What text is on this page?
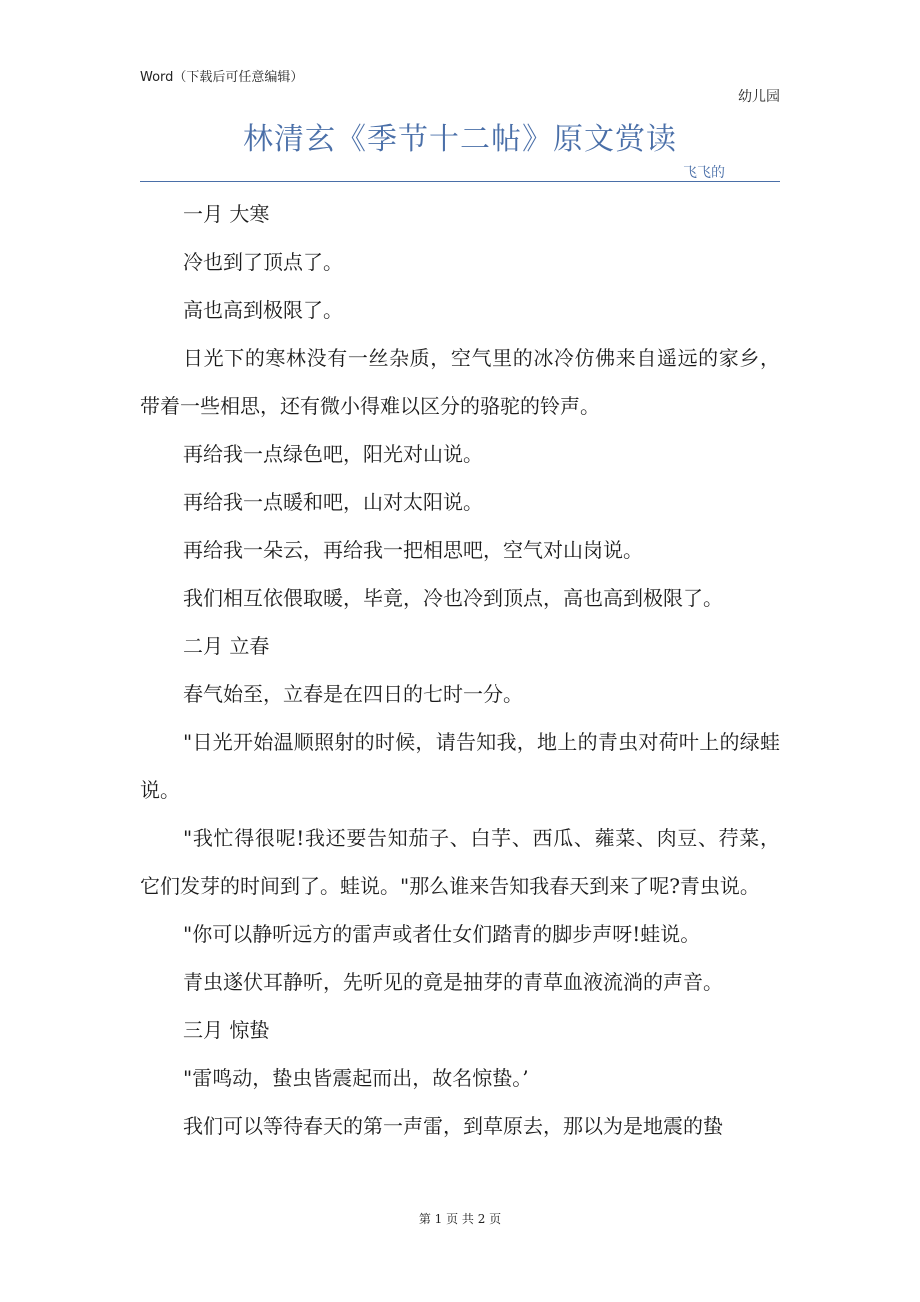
Word（下载后可任意编辑）
幼儿园
林清玄《季节十二帖》原文赏读
飞飞的

一月 大寒

冷也到了顶点了。

高也高到极限了。

日光下的寒林没有一丝杂质，空气里的冰冷仿佛来自遥远的家乡，带着一些相思，还有微小得难以区分的骆驼的铃声。

再给我一点绿色吧，阳光对山说。

再给我一点暖和吧，山对太阳说。

再给我一朵云，再给我一把相思吧，空气对山岗说。

我们相互依偎取暖，毕竟，冷也冷到顶点，高也高到极限了。

二月 立春

春气始至，立春是在四日的七时一分。

"日光开始温顺照射的时候，请告知我，地上的青虫对荷叶上的绿蛙说。

"我忙得很呢!我还要告知茄子、白芋、西瓜、蕹菜、肉豆、荇菜，它们发芽的时间到了。蛙说。"那么谁来告知我春天到来了呢?青虫说。

"你可以静听远方的雷声或者仕女们踏青的脚步声呀!蛙说。

青虫遂伏耳静听，先听见的竟是抽芽的青草血液流淌的声音。

三月 惊蛰

"雷鸣动，蛰虫皆震起而出，故名惊蛰。’

我们可以等待春天的第一声雷，到草原去，那以为是地震的蛰

第 1 页 共 2 页
